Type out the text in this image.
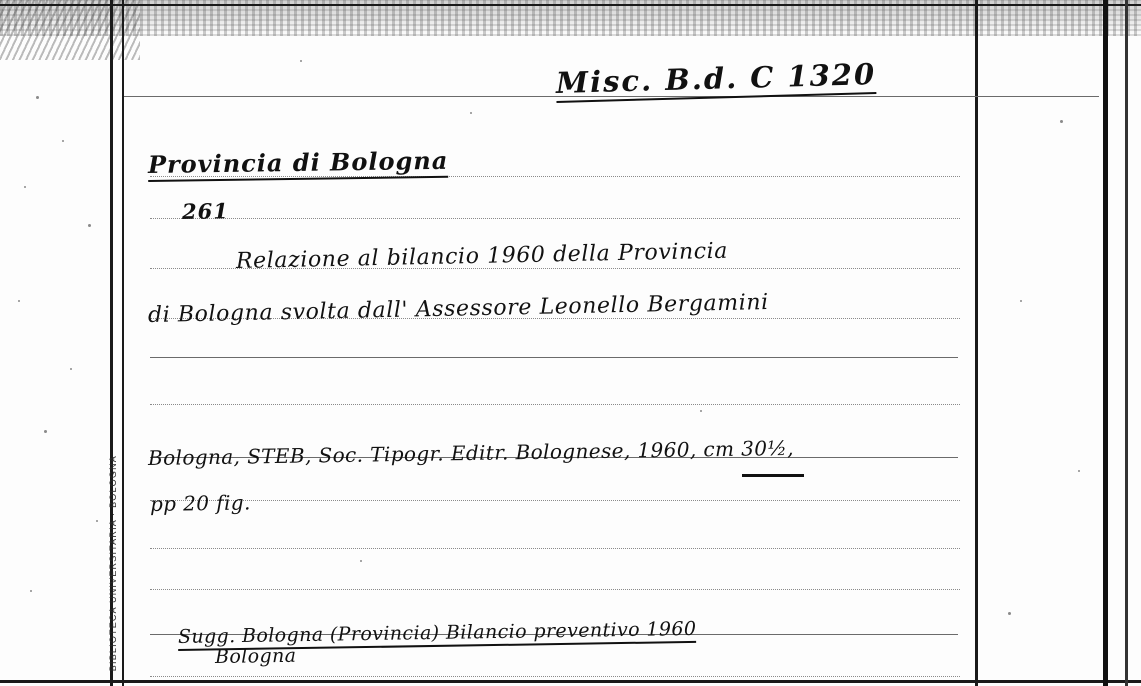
BIBLIOTECA UNIVERSITARIA · BOLOGNA
Misc. B.d. C 1320
Provincia di Bologna
261
Relazione al bilancio 1960 della Provincia
di Bologna svolta dall' Assessore Leonello Bergamini
Bologna, STEB, Soc. Tipogr. Editr. Bolognese, 1960, cm 30½,
pp 20 fig.
Sugg. Bologna (Provincia) Bilancio preventivo 1960
Bologna
